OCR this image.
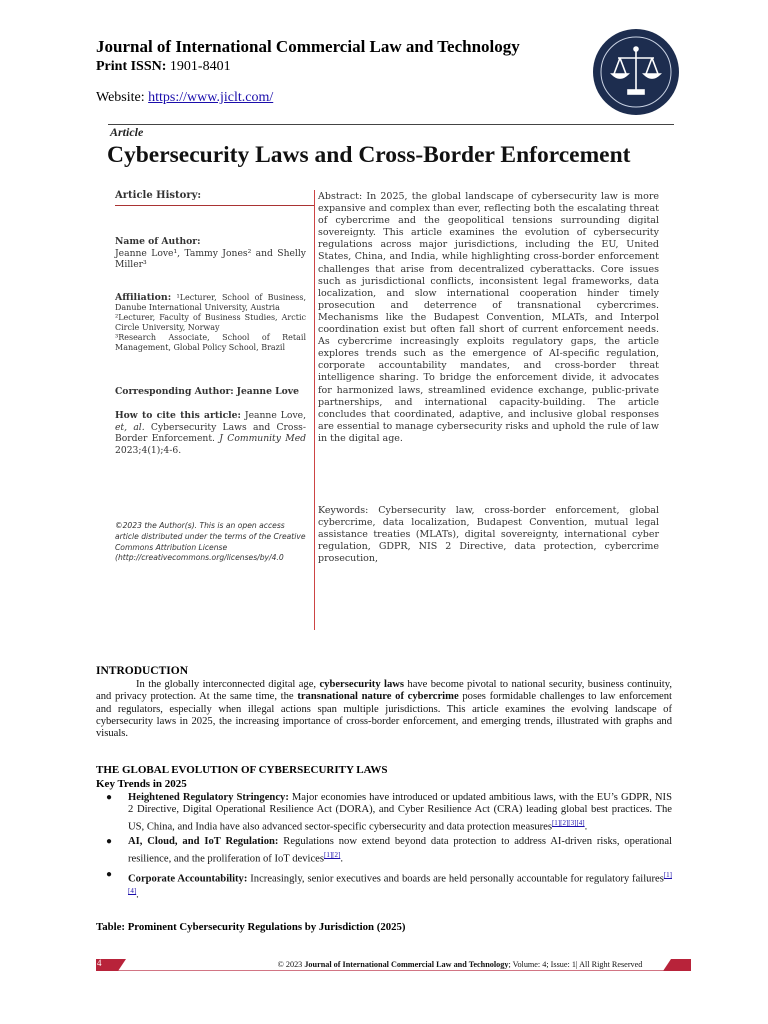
Journal of International Commercial Law and Technology
Print ISSN: 1901-8401
Website: https://www.jiclt.com/
Article
Cybersecurity Laws and Cross-Border Enforcement
Article History:
Name of Author:
Jeanne Love¹, Tammy Jones² and Shelly Miller³
Affiliation: ¹Lecturer, School of Business, Danube International University, Austria
²Lecturer, Faculty of Business Studies, Arctic Circle University, Norway
³Research Associate, School of Retail Management, Global Policy School, Brazil
Corresponding Author: Jeanne Love
How to cite this article: Jeanne Love, et, al. Cybersecurity Laws and Cross-Border Enforcement. J Community Med 2023;4(1);4-6.
©2023 the Author(s). This is an open access article distributed under the terms of the Creative Commons Attribution License (http://creativecommons.org/licenses/by/4.0
Abstract: In 2025, the global landscape of cybersecurity law is more expansive and complex than ever, reflecting both the escalating threat of cybercrime and the geopolitical tensions surrounding digital sovereignty. This article examines the evolution of cybersecurity regulations across major jurisdictions, including the EU, United States, China, and India, while highlighting cross-border enforcement challenges that arise from decentralized cyberattacks. Core issues such as jurisdictional conflicts, inconsistent legal frameworks, data localization, and slow international cooperation hinder timely prosecution and deterrence of transnational cybercrimes. Mechanisms like the Budapest Convention, MLATs, and Interpol coordination exist but often fall short of current enforcement needs. As cybercrime increasingly exploits regulatory gaps, the article explores trends such as the emergence of AI-specific regulation, corporate accountability mandates, and cross-border threat intelligence sharing. To bridge the enforcement divide, it advocates for harmonized laws, streamlined evidence exchange, public-private partnerships, and international capacity-building. The article concludes that coordinated, adaptive, and inclusive global responses are essential to manage cybersecurity risks and uphold the rule of law in the digital age.
Keywords: Cybersecurity law, cross-border enforcement, global cybercrime, data localization, Budapest Convention, mutual legal assistance treaties (MLATs), digital sovereignty, international cyber regulation, GDPR, NIS 2 Directive, data protection, cybercrime prosecution,
INTRODUCTION
In the globally interconnected digital age, cybersecurity laws have become pivotal to national security, business continuity, and privacy protection. At the same time, the transnational nature of cybercrime poses formidable challenges to law enforcement and regulators, especially when illegal actions span multiple jurisdictions. This article examines the evolving landscape of cybersecurity laws in 2025, the increasing importance of cross-border enforcement, and emerging trends, illustrated with graphs and visuals.
THE GLOBAL EVOLUTION OF CYBERSECURITY LAWS
Key Trends in 2025
● Heightened Regulatory Stringency: Major economies have introduced or updated ambitious laws, with the EU’s GDPR, NIS 2 Directive, Digital Operational Resilience Act (DORA), and Cyber Resilience Act (CRA) leading global best practices. The US, China, and India have also advanced sector-specific cybersecurity and data protection measures[1][2][3][4].
● AI, Cloud, and IoT Regulation: Regulations now extend beyond data protection to address AI-driven risks, operational resilience, and the proliferation of IoT devices[1][2].
● Corporate Accountability: Increasingly, senior executives and boards are held personally accountable for regulatory failures[1][4].
Table: Prominent Cybersecurity Regulations by Jurisdiction (2025)
4	© 2023 Journal of International Commercial Law and Technology; Volume: 4; Issue: 1| All Right Reserved
